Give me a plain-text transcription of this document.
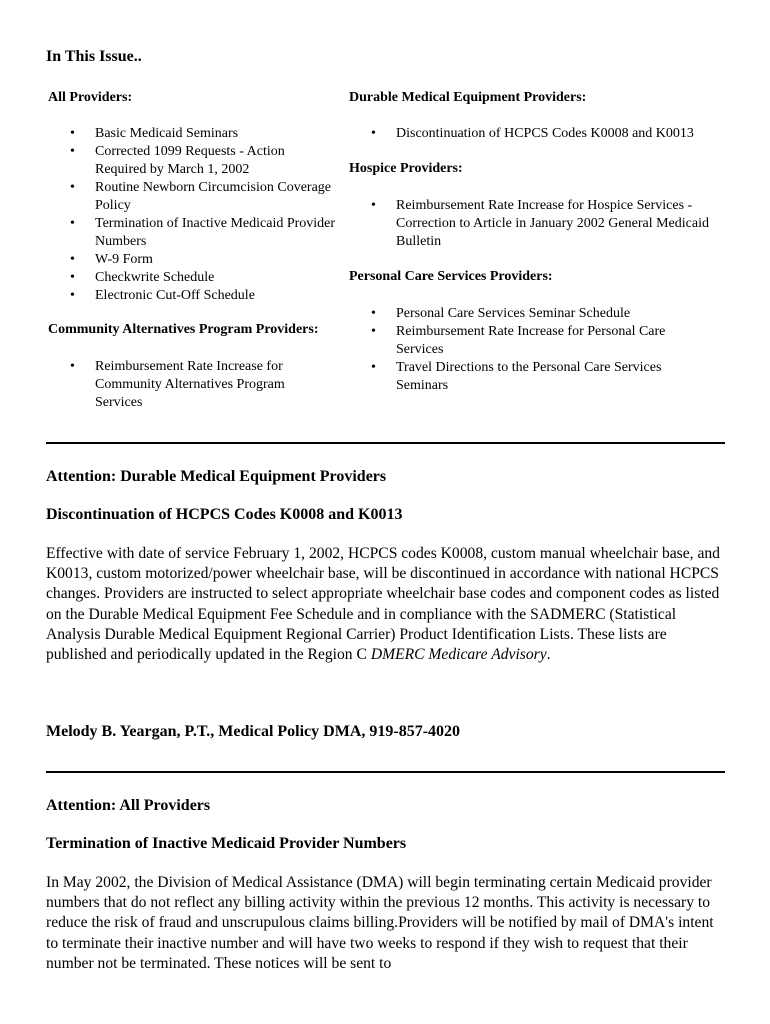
In This Issue..
All Providers:
• Basic Medicaid Seminars
• Corrected 1099 Requests - Action Required by March 1, 2002
• Routine Newborn Circumcision Coverage Policy
• Termination of Inactive Medicaid Provider Numbers
• W-9 Form
• Checkwrite Schedule
• Electronic Cut-Off Schedule
Community Alternatives Program Providers:
• Reimbursement Rate Increase for Community Alternatives Program Services
Durable Medical Equipment Providers:
• Discontinuation of HCPCS Codes K0008 and K0013
Hospice Providers:
• Reimbursement Rate Increase for Hospice Services - Correction to Article in January 2002 General Medicaid Bulletin
Personal Care Services Providers:
• Personal Care Services Seminar Schedule
• Reimbursement Rate Increase for Personal Care Services
• Travel Directions to the Personal Care Services Seminars
Attention: Durable Medical Equipment Providers
Discontinuation of HCPCS Codes K0008 and K0013
Effective with date of service February 1, 2002, HCPCS codes K0008, custom manual wheelchair base, and K0013, custom motorized/power wheelchair base, will be discontinued in accordance with national HCPCS changes. Providers are instructed to select appropriate wheelchair base codes and component codes as listed on the Durable Medical Equipment Fee Schedule and in compliance with the SADMERC (Statistical Analysis Durable Medical Equipment Regional Carrier) Product Identification Lists. These lists are published and periodically updated in the Region C DMERC Medicare Advisory.
Melody B. Yeargan, P.T., Medical Policy DMA, 919-857-4020
Attention: All Providers
Termination of Inactive Medicaid Provider Numbers
In May 2002, the Division of Medical Assistance (DMA) will begin terminating certain Medicaid provider numbers that do not reflect any billing activity within the previous 12 months. This activity is necessary to reduce the risk of fraud and unscrupulous claims billing.Providers will be notified by mail of DMA's intent to terminate their inactive number and will have two weeks to respond if they wish to request that their number not be terminated. These notices will be sent to
